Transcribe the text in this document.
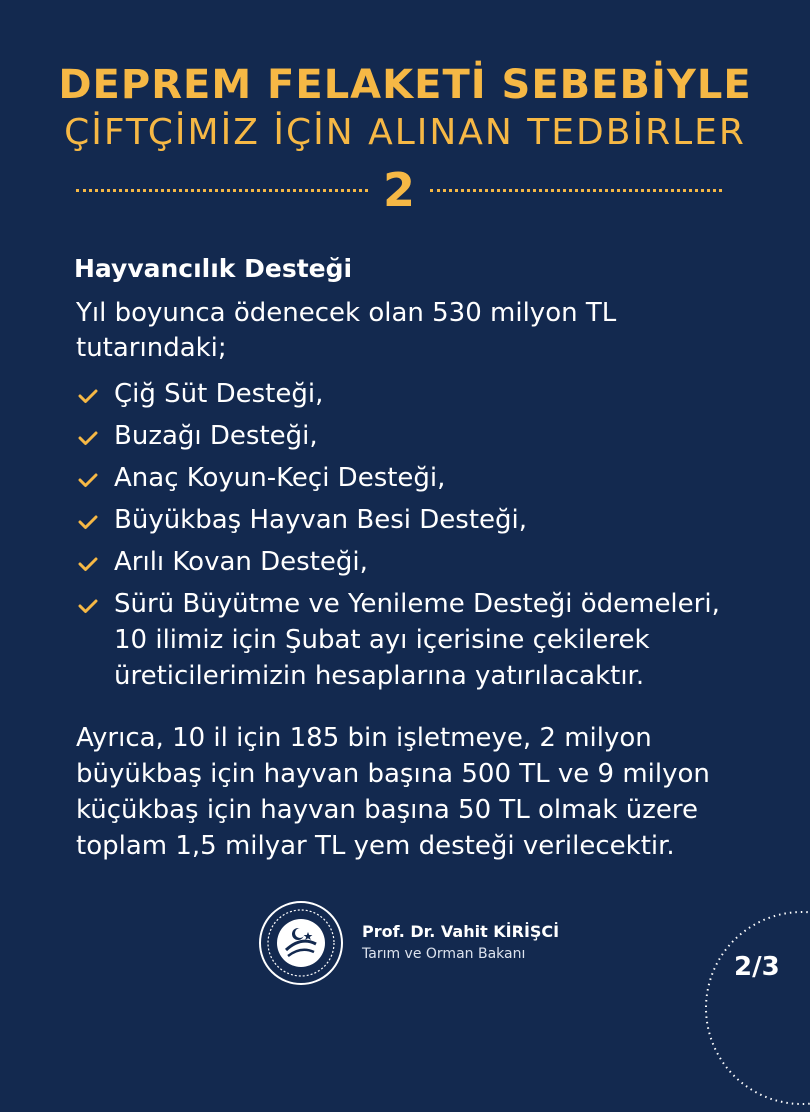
DEPREM FELAKETİ SEBEBİYLE
ÇİFTÇİMİZ İÇİN ALINAN TEDBİRLER
2
Hayvancılık Desteği
Yıl boyunca ödenecek olan 530 milyon TL tutarındaki;
Çiğ Süt Desteği,
Buzağı Desteği,
Anaç Koyun-Keçi Desteği,
Büyükbaş Hayvan Besi Desteği,
Arılı Kovan Desteği,
Sürü Büyütme ve Yenileme Desteği ödemeleri, 10 ilimiz için Şubat ayı içerisine çekilerek üreticilerimizin hesaplarına yatırılacaktır.
Ayrıca, 10 il için 185 bin işletmeye, 2 milyon büyükbaş için hayvan başına 500 TL ve 9 milyon küçükbaş için hayvan başına 50 TL olmak üzere toplam 1,5 milyar TL yem desteği verilecektir.
Prof. Dr. Vahit KİRİŞCİ
Tarım ve Orman Bakanı	2/3
